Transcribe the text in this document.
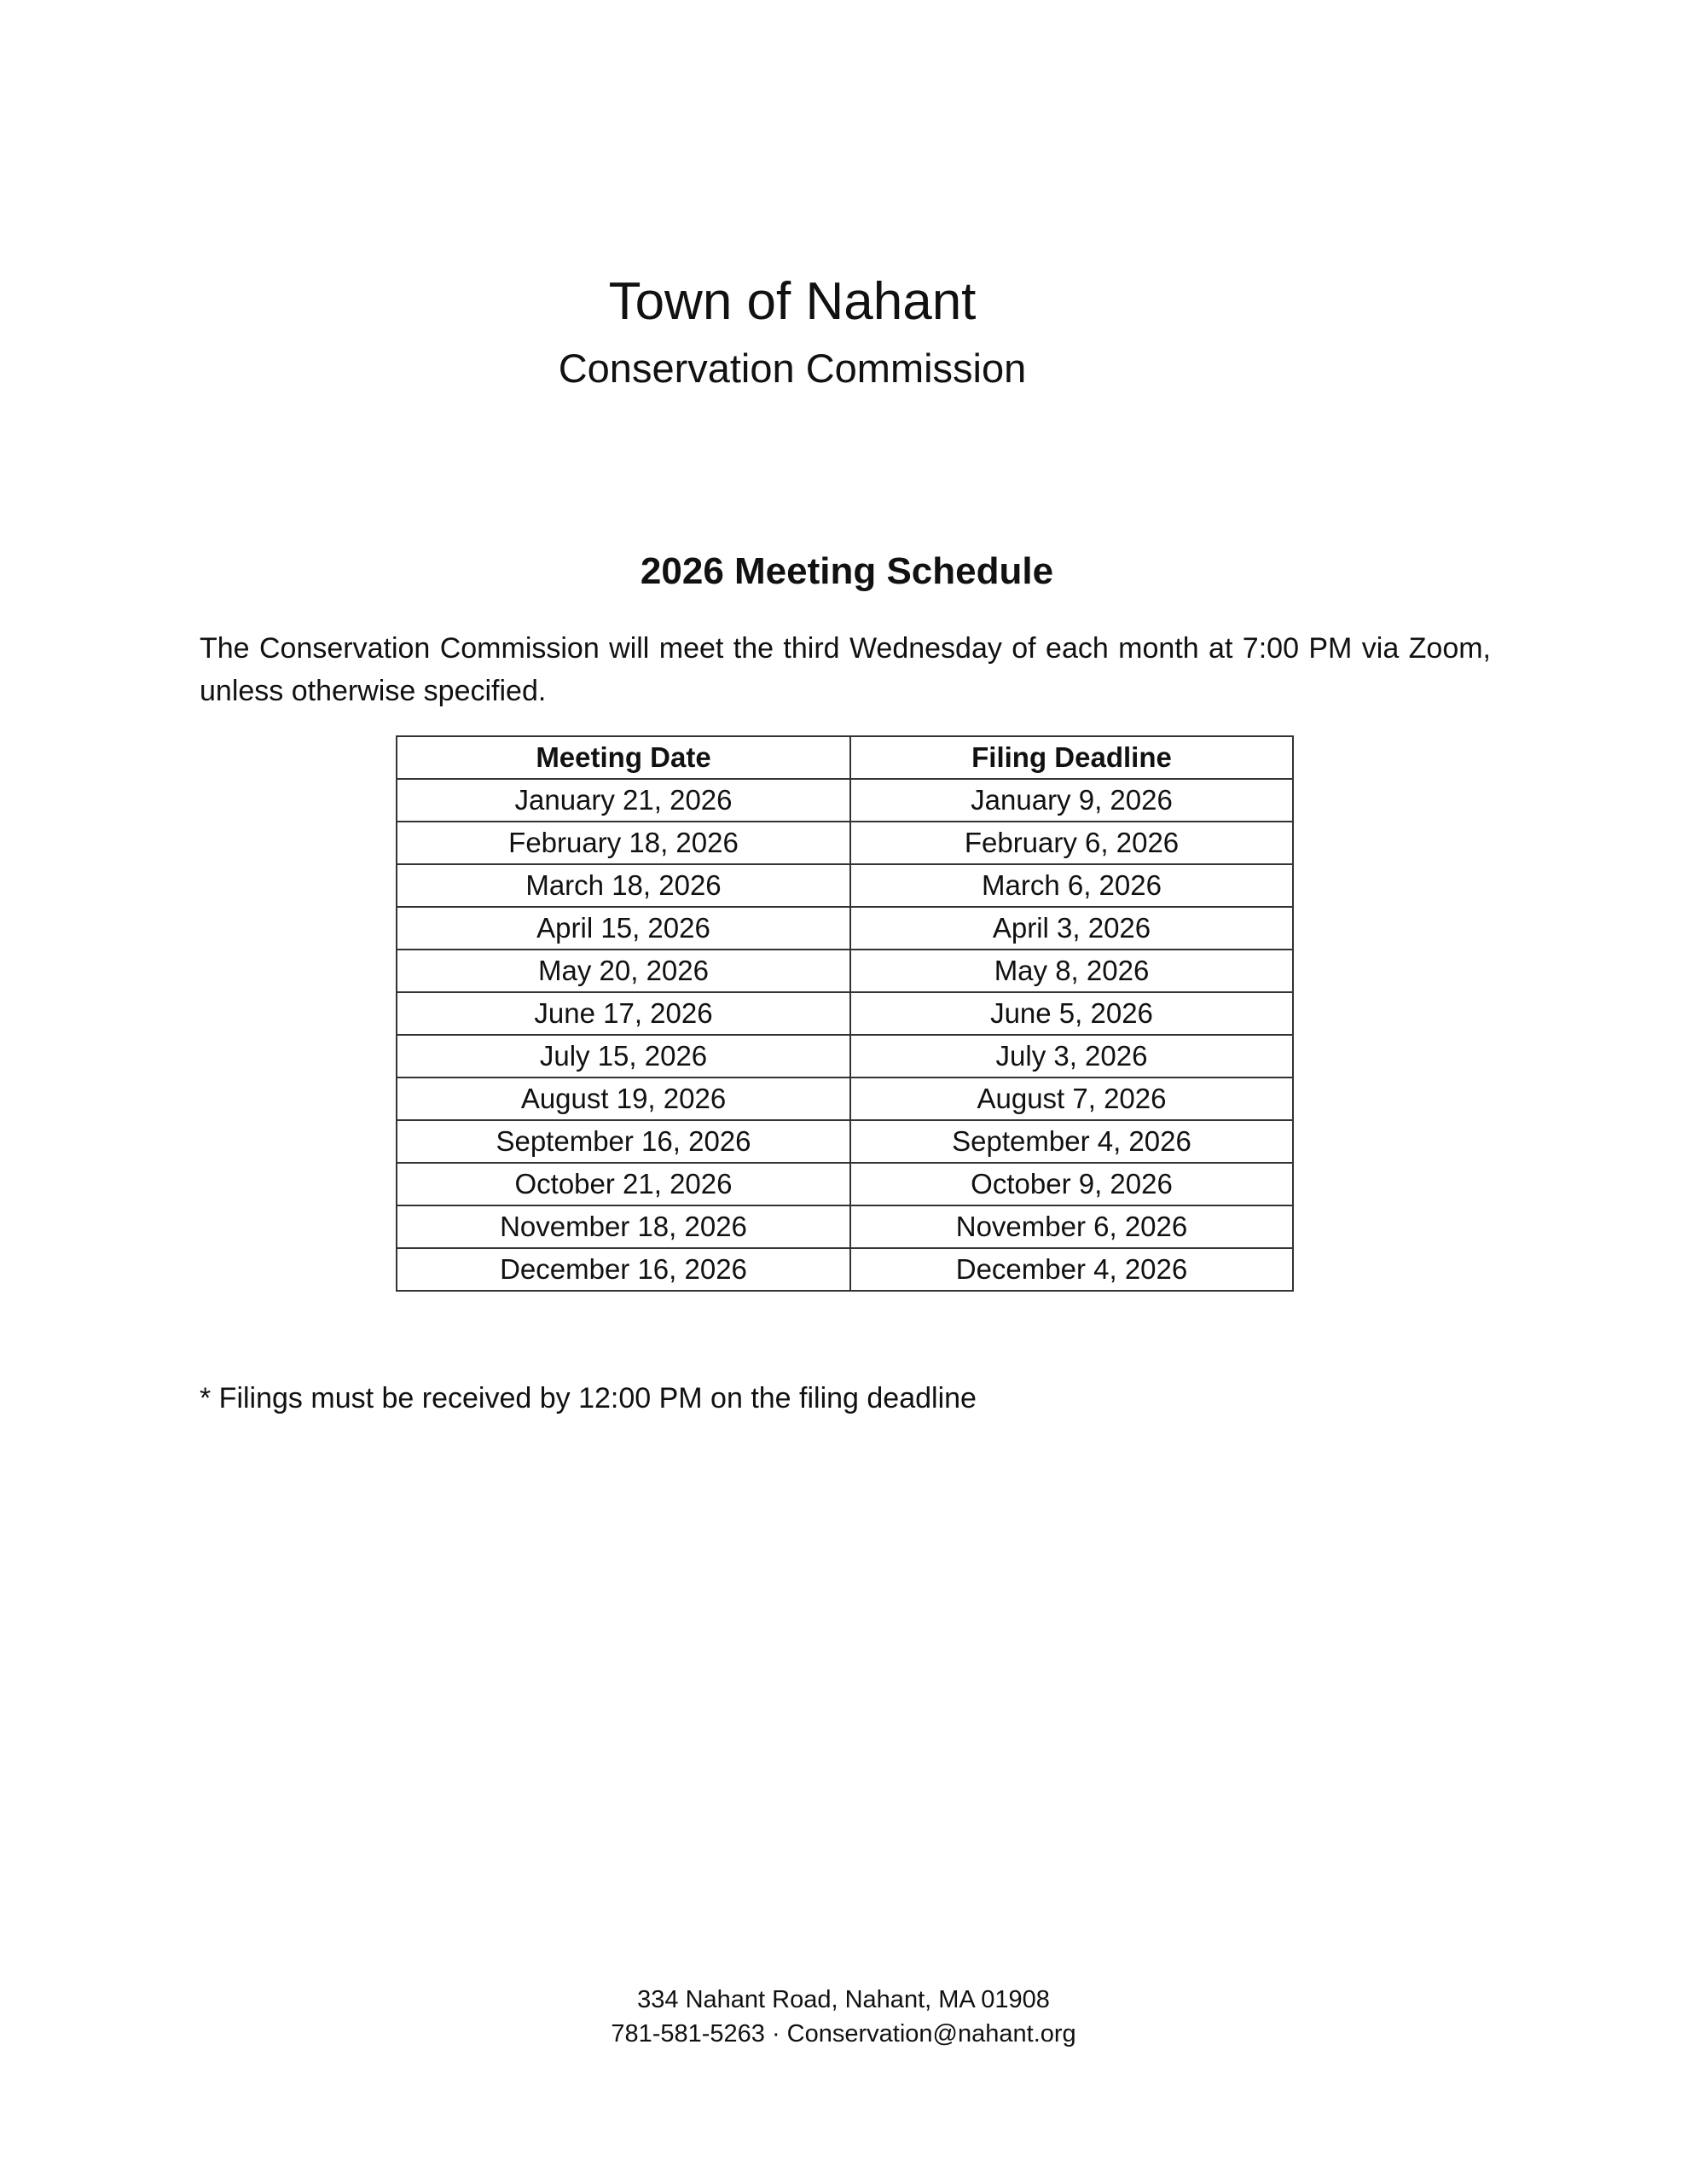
Town of Nahant
Conservation Commission
2026 Meeting Schedule
The Conservation Commission will meet the third Wednesday of each month at 7:00 PM via Zoom, unless otherwise specified.
Meeting Date	Filing Deadline
January 21, 2026	January 9, 2026
February 18, 2026	February 6, 2026
March 18, 2026	March 6, 2026
April 15, 2026	April 3, 2026
May 20, 2026	May 8, 2026
June 17, 2026	June 5, 2026
July 15, 2026	July 3, 2026
August 19, 2026	August 7, 2026
September 16, 2026	September 4, 2026
October 21, 2026	October 9, 2026
November 18, 2026	November 6, 2026
December 16, 2026	December 4, 2026
* Filings must be received by 12:00 PM on the filing deadline
334 Nahant Road, Nahant, MA 01908
781-581-5263 · Conservation@nahant.org
